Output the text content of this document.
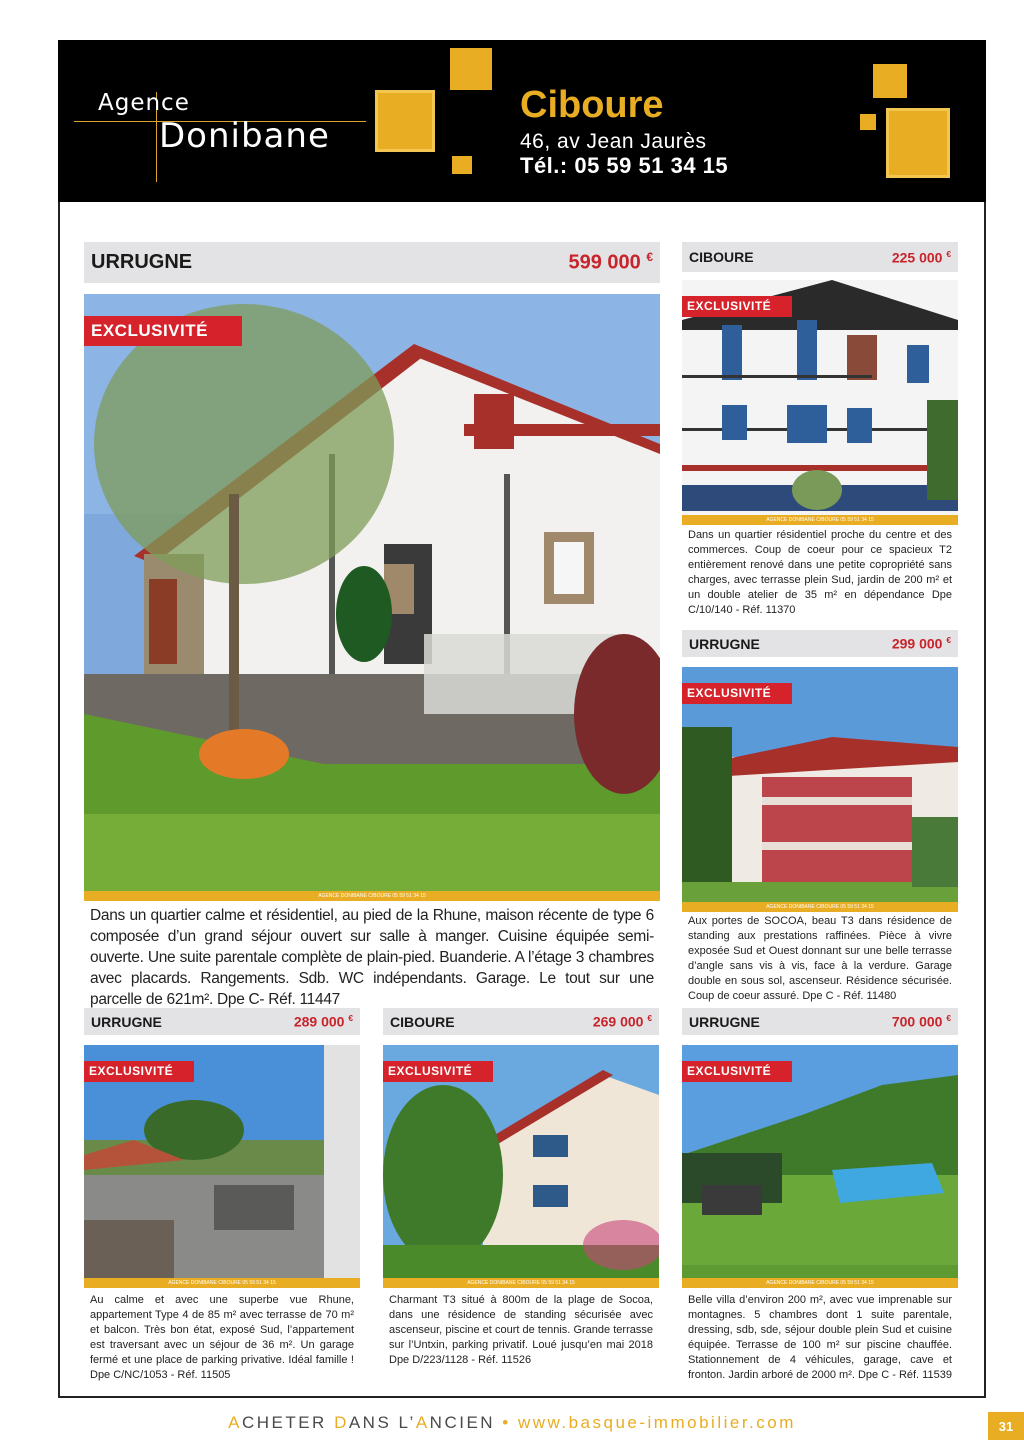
Agence
Donibane
Ciboure
46, av Jean Jaurès
Tél.: 05 59 51 34 15
URRUGNE	599 000 €
EXCLUSIVITÉ
AGENCE DONIBANE CIBOURE 05 59 51 34 15
Dans un quartier calme et résidentiel, au pied de la Rhune, maison récente de type 6 composée d’un grand séjour ouvert sur salle à manger. Cuisine équipée semi-ouverte. Une suite parentale complète de plain-pied. Buanderie. A l’étage 3 chambres avec placards. Rangements. Sdb. WC indépendants. Garage. Le tout sur une parcelle de 621m². Dpe C- Réf. 11447
CIBOURE	225 000 €
EXCLUSIVITÉ
AGENCE DONIBANE CIBOURE 05 59 51 34 15
Dans un quartier résidentiel proche du centre et des commerces. Coup de coeur pour ce spacieux T2 entièrement renové dans une petite copropriété sans charges, avec terrasse plein Sud, jardin de 200 m² et un double atelier de 35 m² en dépendance Dpe C/10/140 - Réf. 11370
URRUGNE	299 000 €
EXCLUSIVITÉ
AGENCE DONIBANE CIBOURE 05 59 51 34 15
Aux portes de SOCOA, beau T3 dans résidence de standing aux prestations raffinées. Pièce à vivre exposée Sud et Ouest donnant sur une belle terrasse d’angle sans vis à vis, face à la verdure. Garage double en sous sol, ascenseur. Résidence sécurisée. Coup de coeur assuré. Dpe C - Réf. 11480
URRUGNE	289 000 €
EXCLUSIVITÉ
AGENCE DONIBANE CIBOURE 05 59 51 34 15
Au calme et avec une superbe vue Rhune, appartement Type 4 de 85 m² avec terrasse de 70 m² et balcon. Très bon état, exposé Sud, l’appartement est traversant avec un séjour de 36 m². Un garage fermé et une place de parking privative. Idéal famille ! Dpe C/NC/1053 - Réf. 11505
CIBOURE	269 000 €
EXCLUSIVITÉ
AGENCE DONIBANE CIBOURE 05 59 51 34 15
Charmant T3 situé à 800m de la plage de Socoa, dans une résidence de standing sécurisée avec ascenseur, piscine et court de tennis. Grande terrasse sur l’Untxin, parking privatif. Loué jusqu’en mai 2018 Dpe D/223/1128 - Réf. 11526
URRUGNE	700 000 €
EXCLUSIVITÉ
AGENCE DONIBANE CIBOURE 05 59 51 34 15
Belle villa d’environ 200 m², avec vue imprenable sur montagnes. 5 chambres dont 1 suite parentale, dressing, sdb, sde, séjour double plein Sud et cuisine équipée. Terrasse de 100 m² sur piscine chauffée. Stationnement de 4 véhicules, garage, cave et fronton. Jardin arboré de 2000 m². Dpe C - Réf. 11539
ACHETER DANS L’ANCIEN • www.basque-immobilier.com	31
